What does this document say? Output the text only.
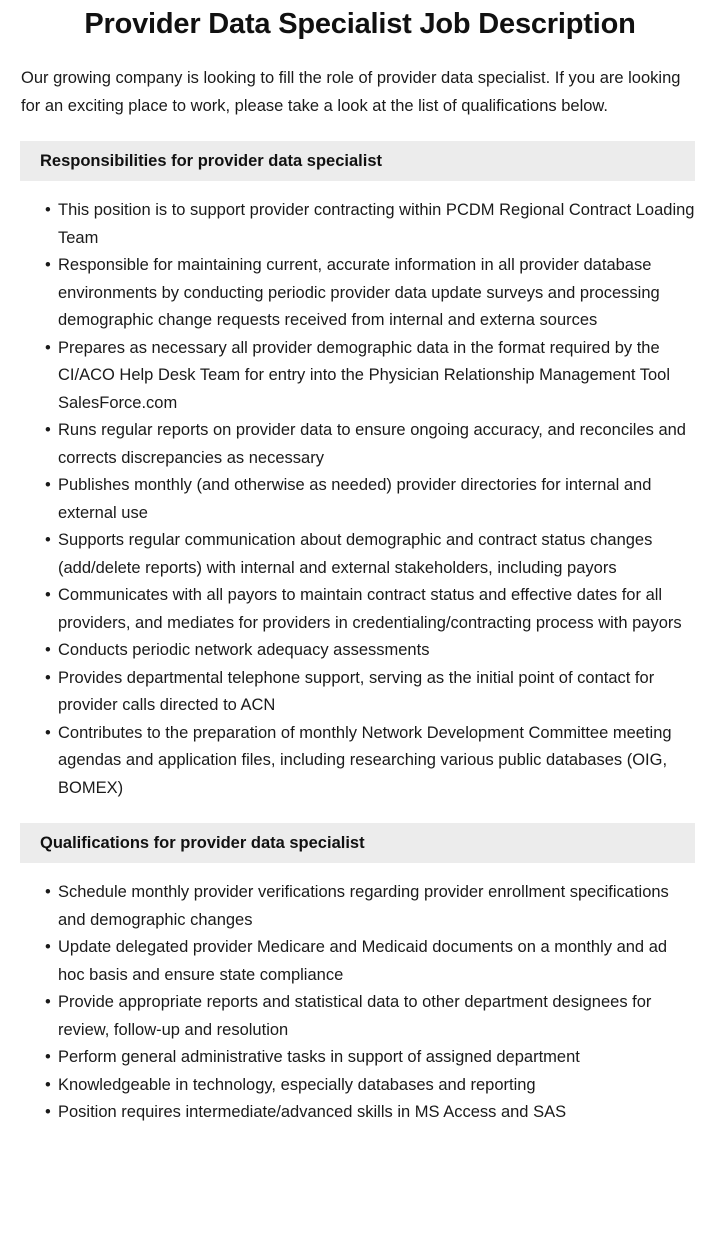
Provider Data Specialist Job Description

Our growing company is looking to fill the role of provider data specialist. If you are looking for an exciting place to work, please take a look at the list of qualifications below.

Responsibilities for provider data specialist
• This position is to support provider contracting within PCDM Regional Contract Loading Team
• Responsible for maintaining current, accurate information in all provider database environments by conducting periodic provider data update surveys and processing demographic change requests received from internal and externa sources
• Prepares as necessary all provider demographic data in the format required by the CI/ACO Help Desk Team for entry into the Physician Relationship Management Tool SalesForce.com
• Runs regular reports on provider data to ensure ongoing accuracy, and reconciles and corrects discrepancies as necessary
• Publishes monthly (and otherwise as needed) provider directories for internal and external use
• Supports regular communication about demographic and contract status changes (add/delete reports) with internal and external stakeholders, including payors
• Communicates with all payors to maintain contract status and effective dates for all providers, and mediates for providers in credentialing/contracting process with payors
• Conducts periodic network adequacy assessments
• Provides departmental telephone support, serving as the initial point of contact for provider calls directed to ACN
• Contributes to the preparation of monthly Network Development Committee meeting agendas and application files, including researching various public databases (OIG, BOMEX)
Qualifications for provider data specialist
• Schedule monthly provider verifications regarding provider enrollment specifications and demographic changes
• Update delegated provider Medicare and Medicaid documents on a monthly and ad hoc basis and ensure state compliance
• Provide appropriate reports and statistical data to other department designees for review, follow-up and resolution
• Perform general administrative tasks in support of assigned department
• Knowledgeable in technology, especially databases and reporting
• Position requires intermediate/advanced skills in MS Access and SAS
